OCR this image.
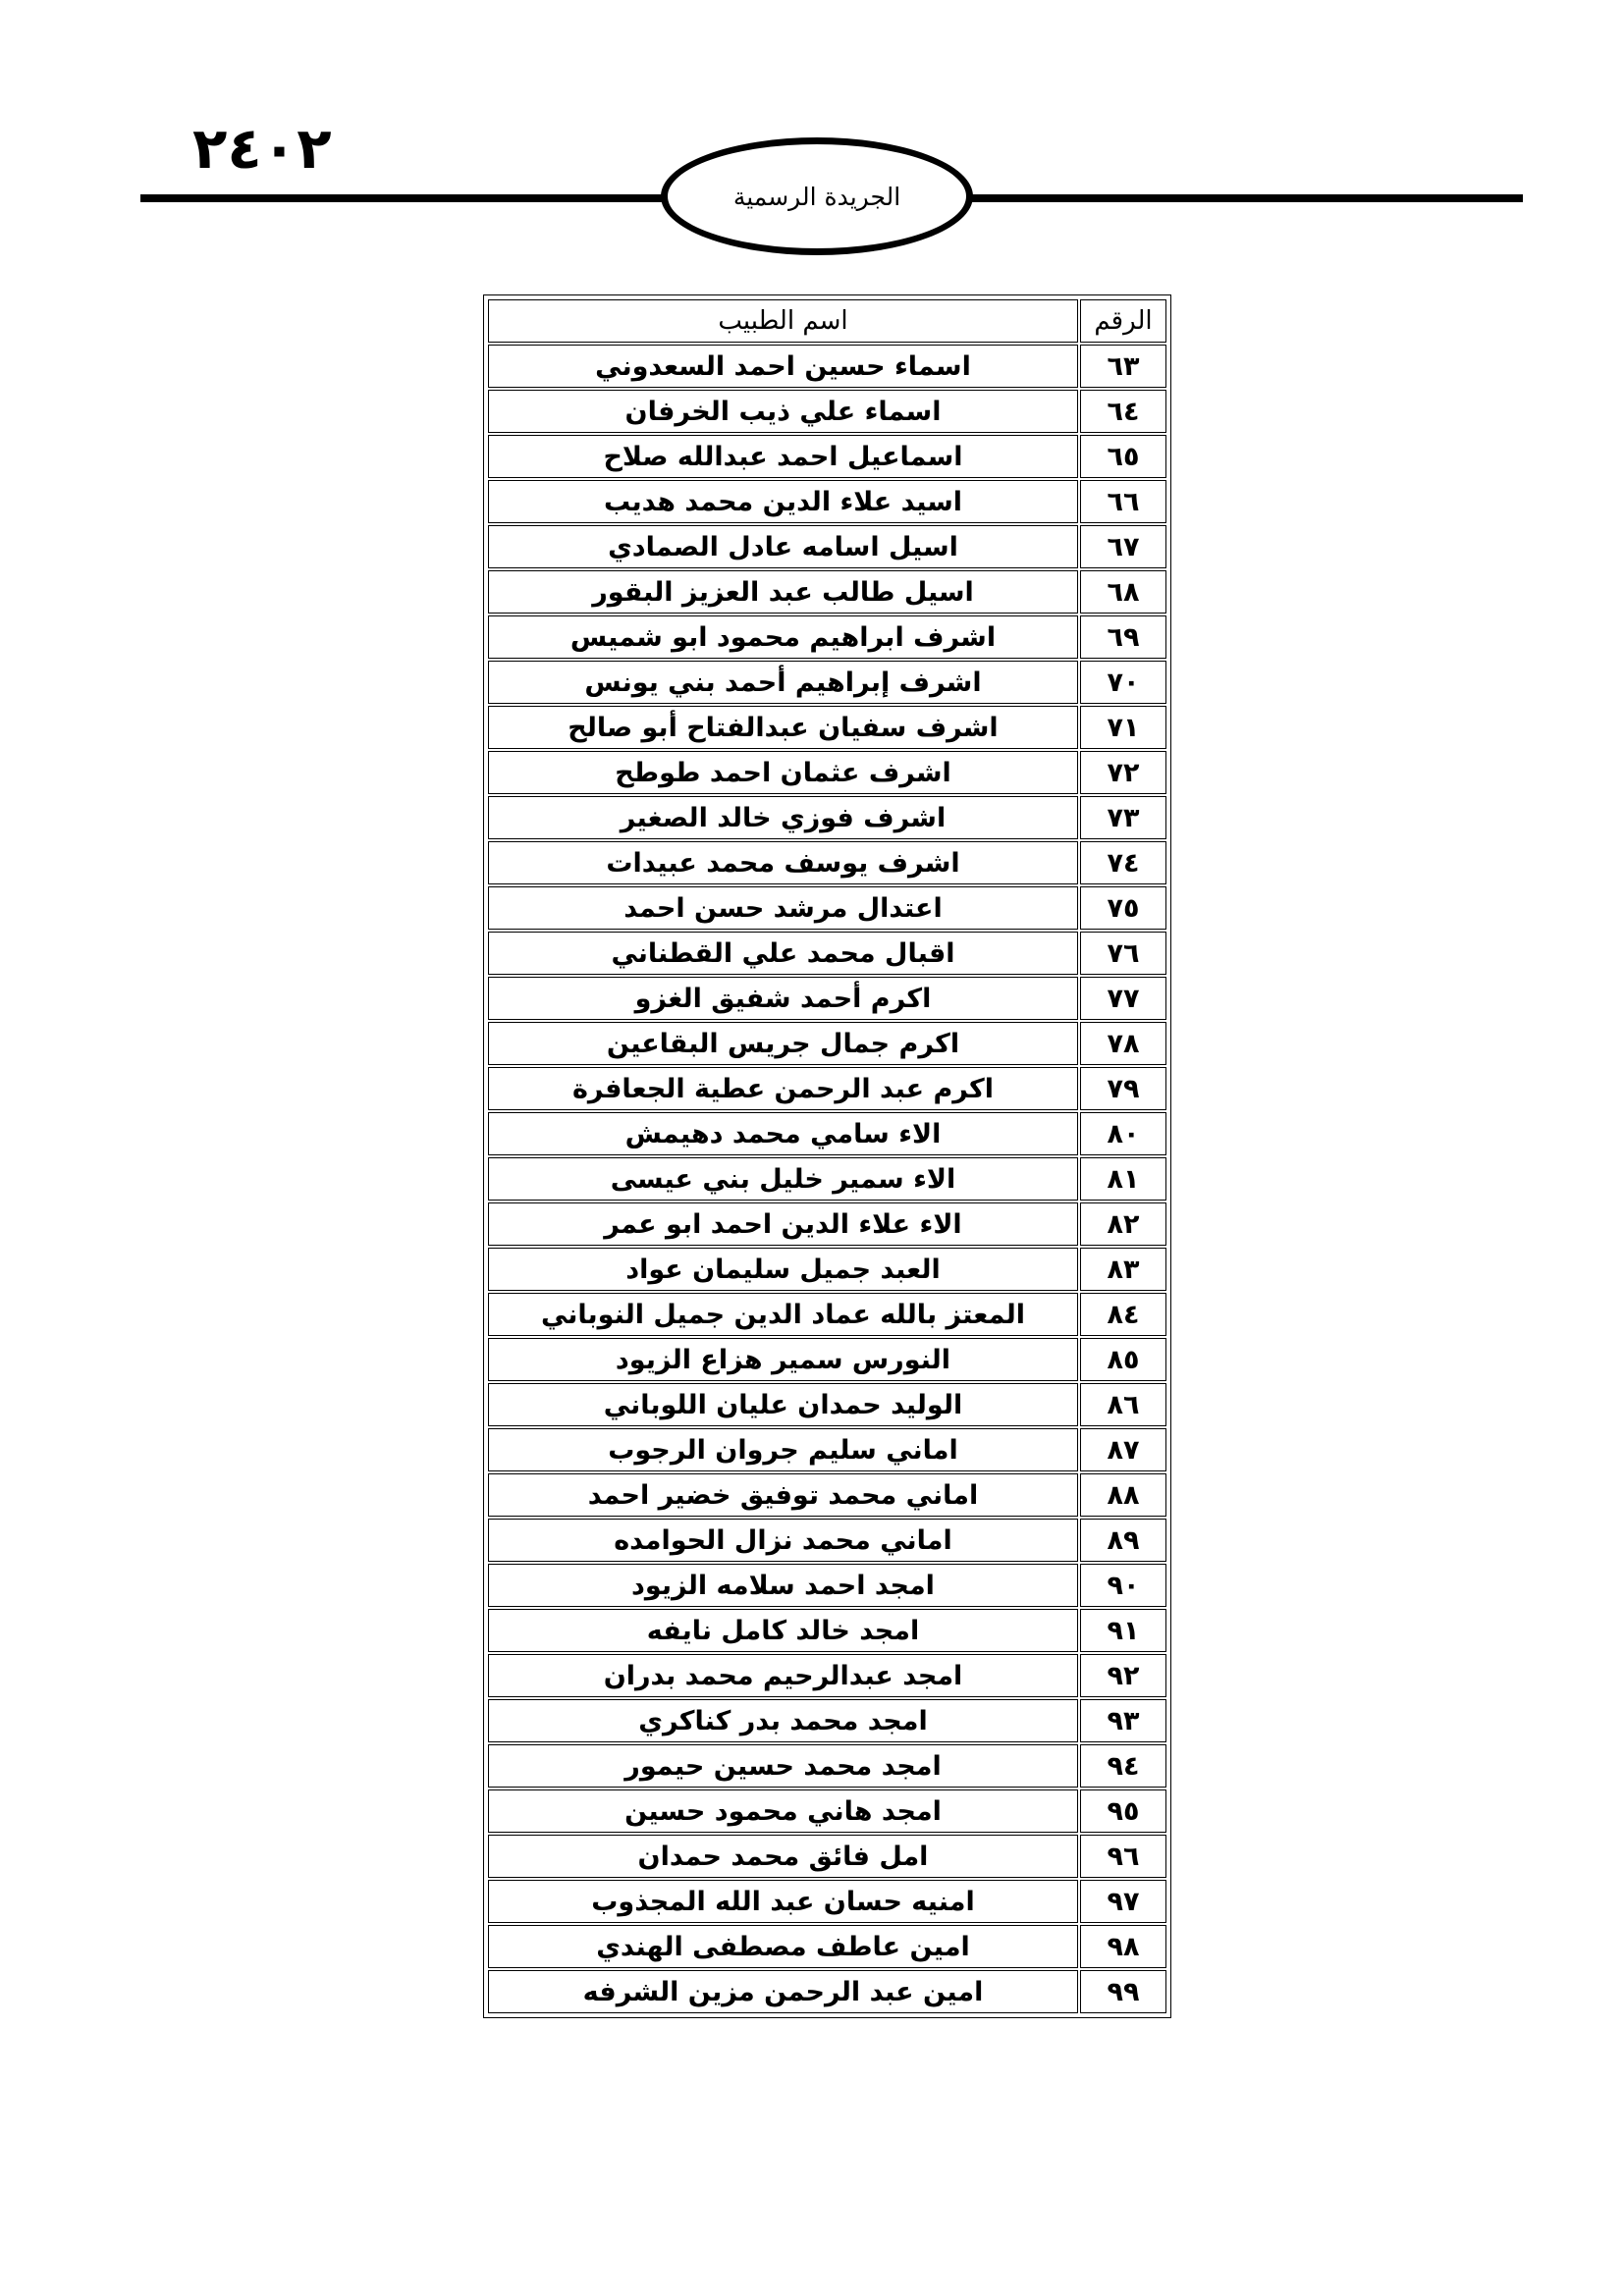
٢٤٠٢
الجريدة الرسمية
الرقم	اسم الطبيب
٦٣	اسماء حسين احمد السعدوني
٦٤	اسماء علي ذيب الخرفان
٦٥	اسماعيل احمد عبدالله صلاح
٦٦	اسيد علاء الدين محمد هديب
٦٧	اسيل اسامه عادل الصمادي
٦٨	اسيل طالب عبد العزيز البقور
٦٩	اشرف ابراهيم محمود ابو شميس
٧٠	اشرف إبراهيم أحمد بني يونس
٧١	اشرف سفيان عبدالفتاح أبو صالح
٧٢	اشرف عثمان احمد طوطح
٧٣	اشرف فوزي خالد الصغير
٧٤	اشرف يوسف محمد عبيدات
٧٥	اعتدال مرشد حسن احمد
٧٦	اقبال محمد علي القطناني
٧٧	اكرم أحمد شفيق الغزو
٧٨	اكرم جمال جريس البقاعين
٧٩	اكرم عبد الرحمن عطية الجعافرة
٨٠	الاء سامي محمد دهيمش
٨١	الاء سمير خليل بني عيسى
٨٢	الاء علاء الدين احمد ابو عمر
٨٣	العبد جميل سليمان عواد
٨٤	المعتز بالله عماد الدين جميل النوباني
٨٥	النورس سمير هزاع الزيود
٨٦	الوليد حمدان عليان اللوباني
٨٧	اماني سليم جروان الرجوب
٨٨	اماني محمد توفيق خضير احمد
٨٩	اماني محمد نزال الحوامده
٩٠	امجد احمد سلامه الزيود
٩١	امجد خالد كامل نايفه
٩٢	امجد عبدالرحيم محمد بدران
٩٣	امجد محمد بدر كناكري
٩٤	امجد محمد حسين حيمور
٩٥	امجد هاني محمود حسين
٩٦	امل فائق محمد حمدان
٩٧	امنيه حسان عبد الله المجذوب
٩٨	امين عاطف مصطفى الهندي
٩٩	امين عبد الرحمن مزين الشرفه
